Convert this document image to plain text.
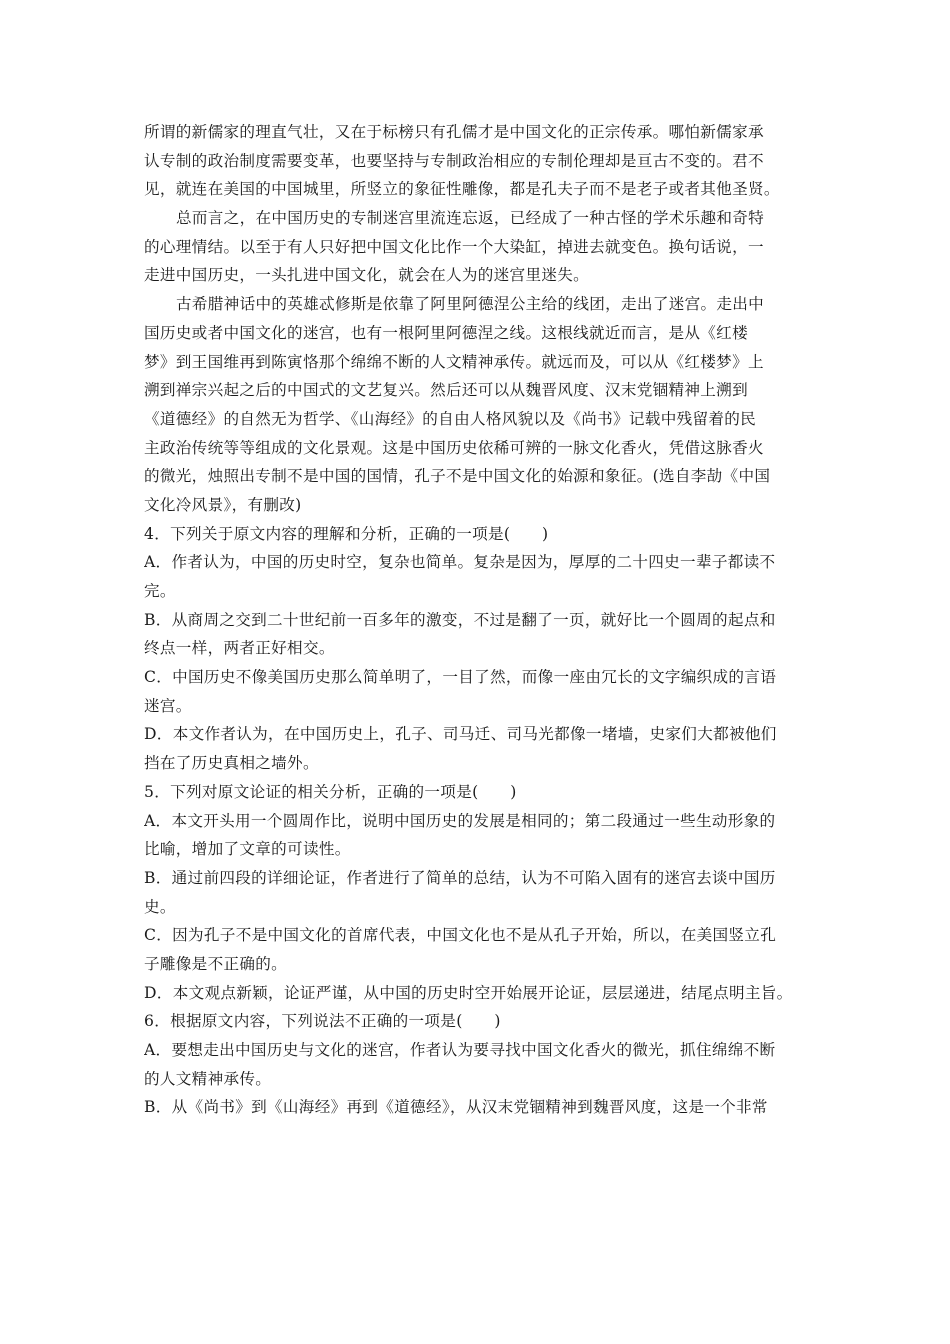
所谓的新儒家的理直气壮，又在于标榜只有孔儒才是中国文化的正宗传承。哪怕新儒家承
认专制的政治制度需要变革，也要坚持与专制政治相应的专制伦理却是亘古不变的。君不
见，就连在美国的中国城里，所竖立的象征性雕像，都是孔夫子而不是老子或者其他圣贤。
总而言之，在中国历史的专制迷宫里流连忘返，已经成了一种古怪的学术乐趣和奇特
的心理情结。以至于有人只好把中国文化比作一个大染缸，掉进去就变色。换句话说，一
走进中国历史，一头扎进中国文化，就会在人为的迷宫里迷失。
古希腊神话中的英雄忒修斯是依靠了阿里阿德涅公主给的线团，走出了迷宫。走出中
国历史或者中国文化的迷宫，也有一根阿里阿德涅之线。这根线就近而言，是从《红楼
梦》到王国维再到陈寅恪那个绵绵不断的人文精神承传。就远而及，可以从《红楼梦》上
溯到禅宗兴起之后的中国式的文艺复兴。然后还可以从魏晋风度、汉末党锢精神上溯到
《道德经》的自然无为哲学、《山海经》的自由人格风貌以及《尚书》记载中残留着的民
主政治传统等等组成的文化景观。这是中国历史依稀可辨的一脉文化香火，凭借这脉香火
的微光，烛照出专制不是中国的国情，孔子不是中国文化的始源和象征。(选自李劼《中国
文化冷风景》，有删改)
4．下列关于原文内容的理解和分析，正确的一项是(　　)
A．作者认为，中国的历史时空，复杂也简单。复杂是因为，厚厚的二十四史一辈子都读不
完。
B．从商周之交到二十世纪前一百多年的激变，不过是翻了一页，就好比一个圆周的起点和
终点一样，两者正好相交。
C．中国历史不像美国历史那么简单明了，一目了然，而像一座由冗长的文字编织成的言语
迷宫。
D．本文作者认为，在中国历史上，孔子、司马迁、司马光都像一堵墙，史家们大都被他们
挡在了历史真相之墙外。
5．下列对原文论证的相关分析，正确的一项是(　　)
A．本文开头用一个圆周作比，说明中国历史的发展是相同的；第二段通过一些生动形象的
比喻，增加了文章的可读性。
B．通过前四段的详细论证，作者进行了简单的总结，认为不可陷入固有的迷宫去谈中国历
史。
C．因为孔子不是中国文化的首席代表，中国文化也不是从孔子开始，所以，在美国竖立孔
子雕像是不正确的。
D．本文观点新颖，论证严谨，从中国的历史时空开始展开论证，层层递进，结尾点明主旨。
6．根据原文内容，下列说法不正确的一项是(　　)
A．要想走出中国历史与文化的迷宫，作者认为要寻找中国文化香火的微光，抓住绵绵不断
的人文精神承传。
B．从《尚书》到《山海经》再到《道德经》，从汉末党锢精神到魏晋风度，这是一个非常
